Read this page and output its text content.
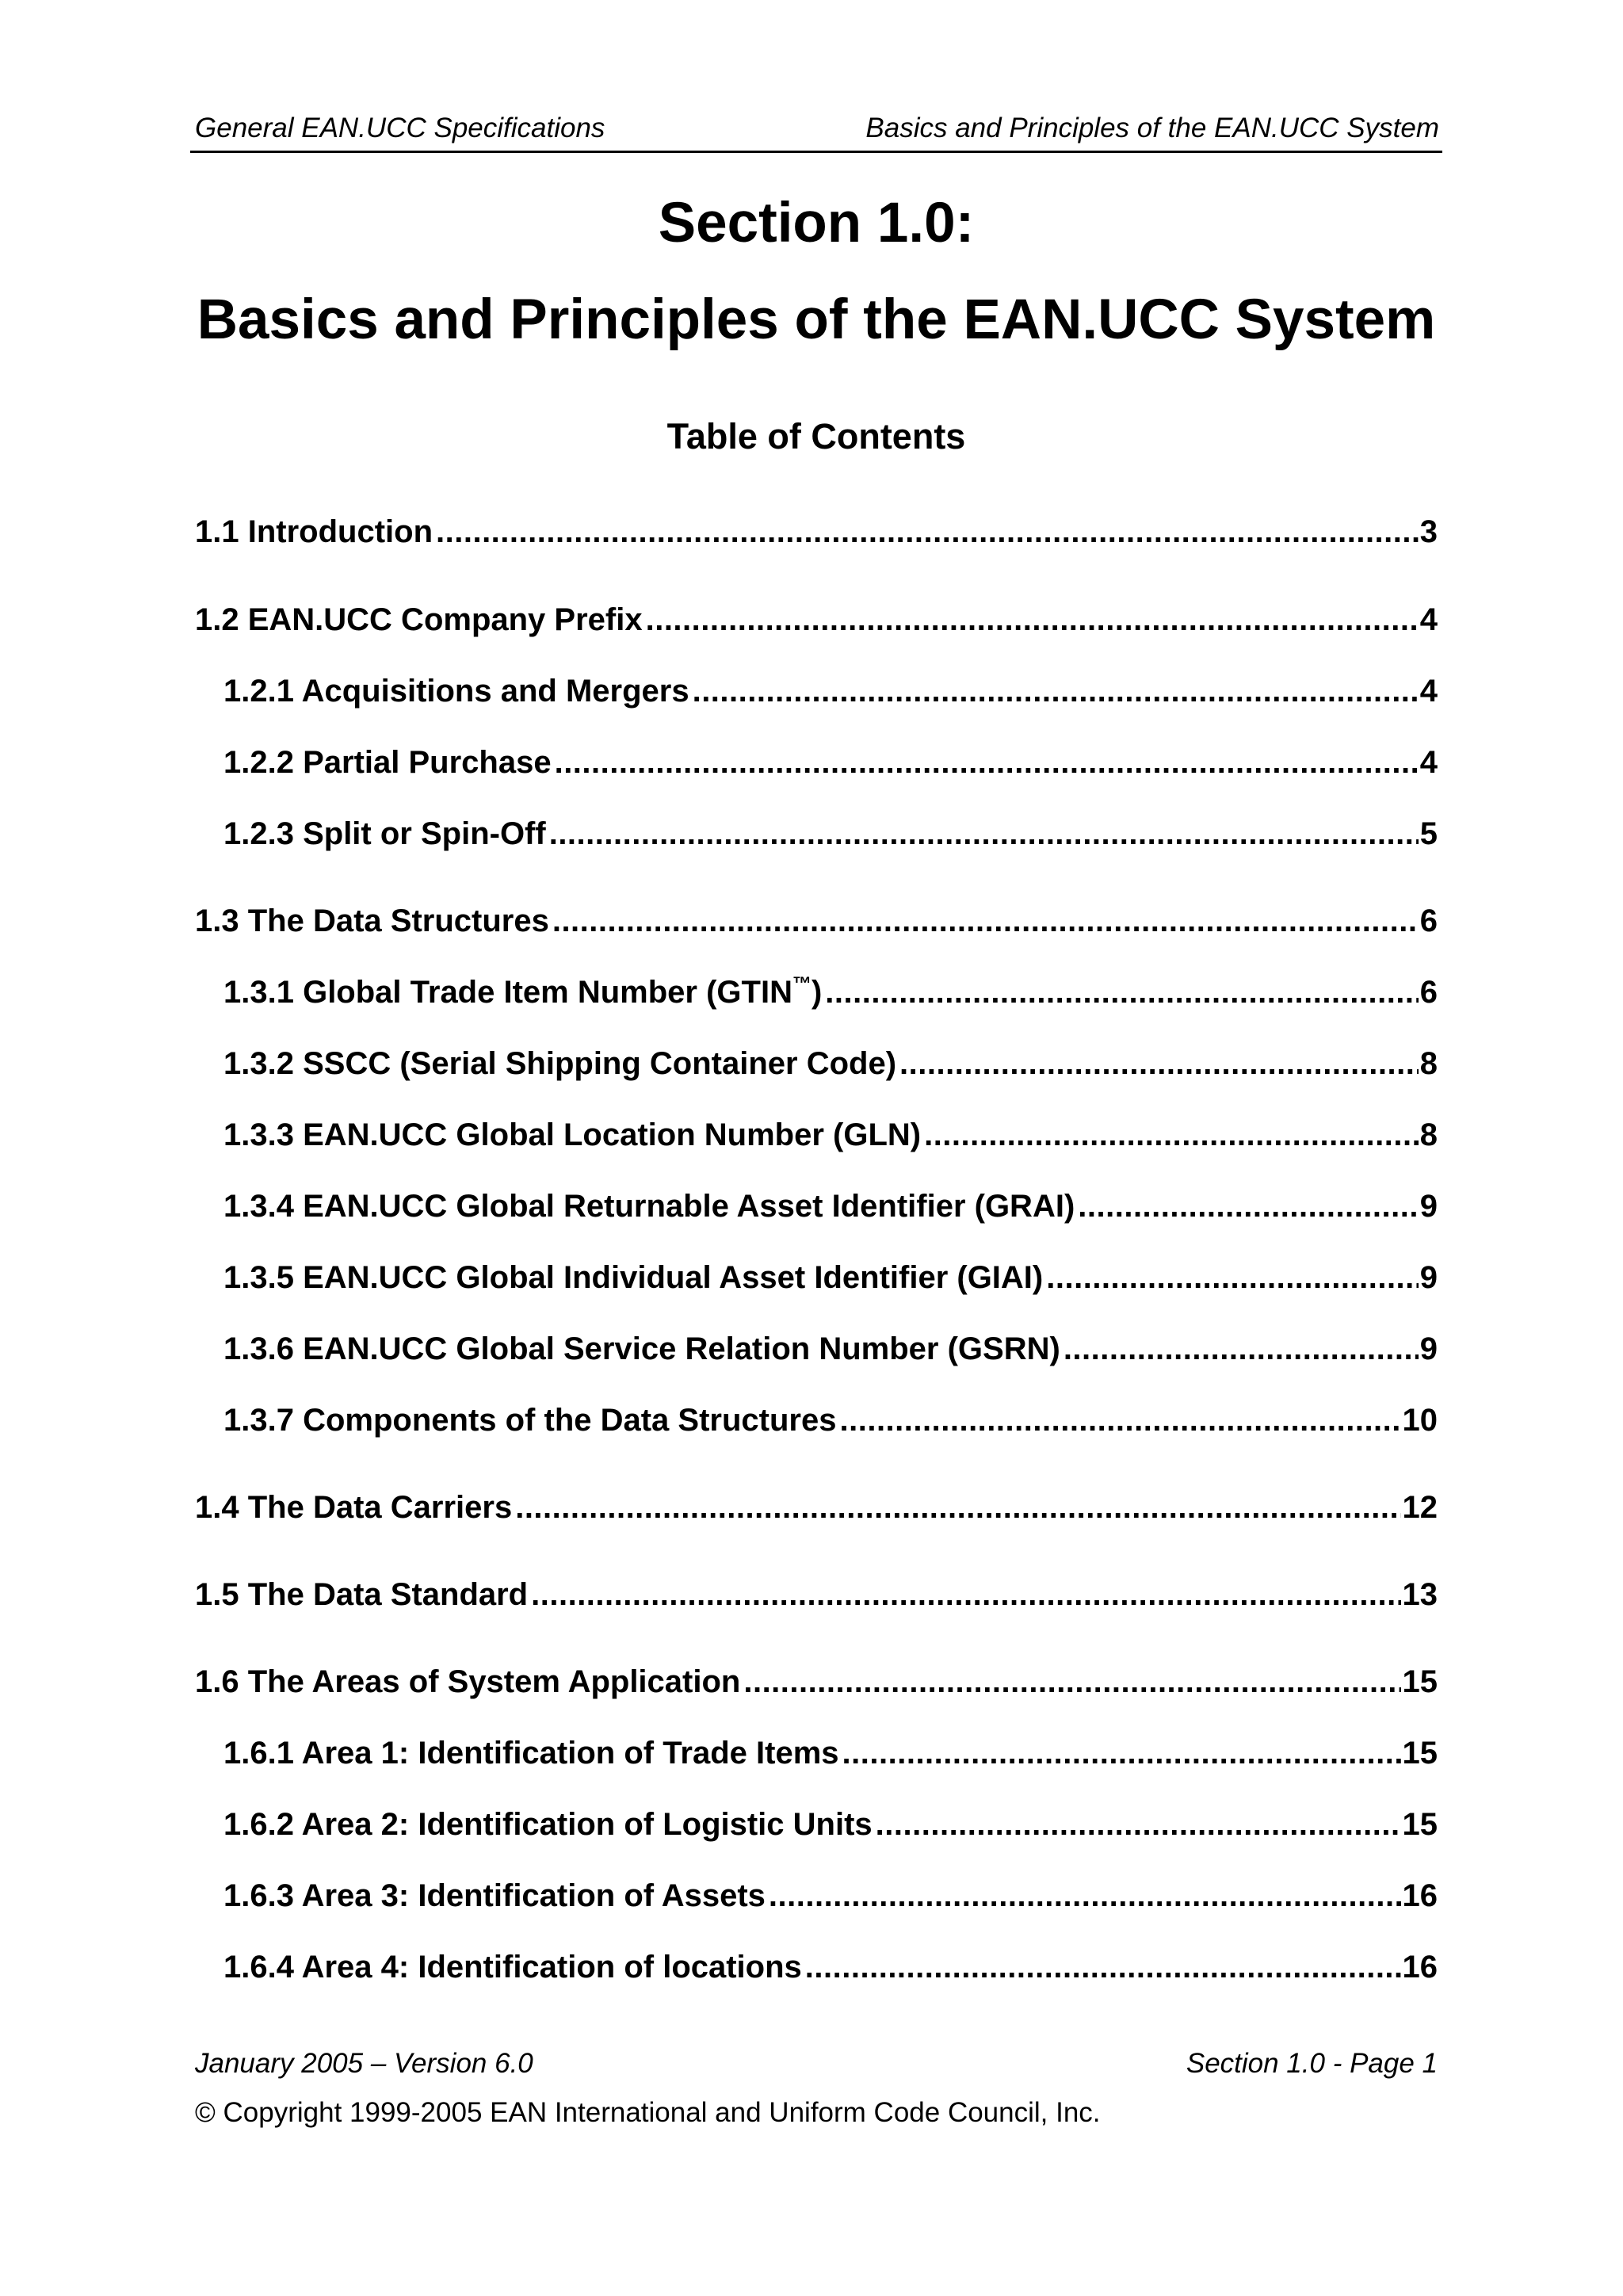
General EAN.UCC Specifications	Basics and Principles of the EAN.UCC System
Section 1.0:
Basics and Principles of the EAN.UCC System
Table of Contents
1.1 Introduction .....	3
1.2 EAN.UCC Company Prefix .....	4
1.2.1 Acquisitions and Mergers .....	4
1.2.2 Partial Purchase .....	4
1.2.3 Split or Spin-Off .....	5
1.3 The Data Structures .....	6
1.3.1 Global Trade Item Number (GTIN™) .....	6
1.3.2 SSCC (Serial Shipping Container Code) .....	8
1.3.3 EAN.UCC Global Location Number (GLN) .....	8
1.3.4 EAN.UCC Global Returnable Asset Identifier (GRAI) .....	9
1.3.5 EAN.UCC Global Individual Asset Identifier (GIAI) .....	9
1.3.6 EAN.UCC Global Service Relation Number (GSRN) .....	9
1.3.7 Components of the Data Structures .....	10
1.4 The Data Carriers .....	12
1.5 The Data Standard .....	13
1.6 The Areas of System Application .....	15
1.6.1 Area 1: Identification of Trade Items .....	15
1.6.2 Area 2: Identification of Logistic Units .....	15
1.6.3 Area 3: Identification of Assets .....	16
1.6.4 Area 4: Identification of locations .....	16
January 2005 – Version 6.0	Section 1.0 - Page 1
© Copyright 1999-2005 EAN International and Uniform Code Council, Inc.
